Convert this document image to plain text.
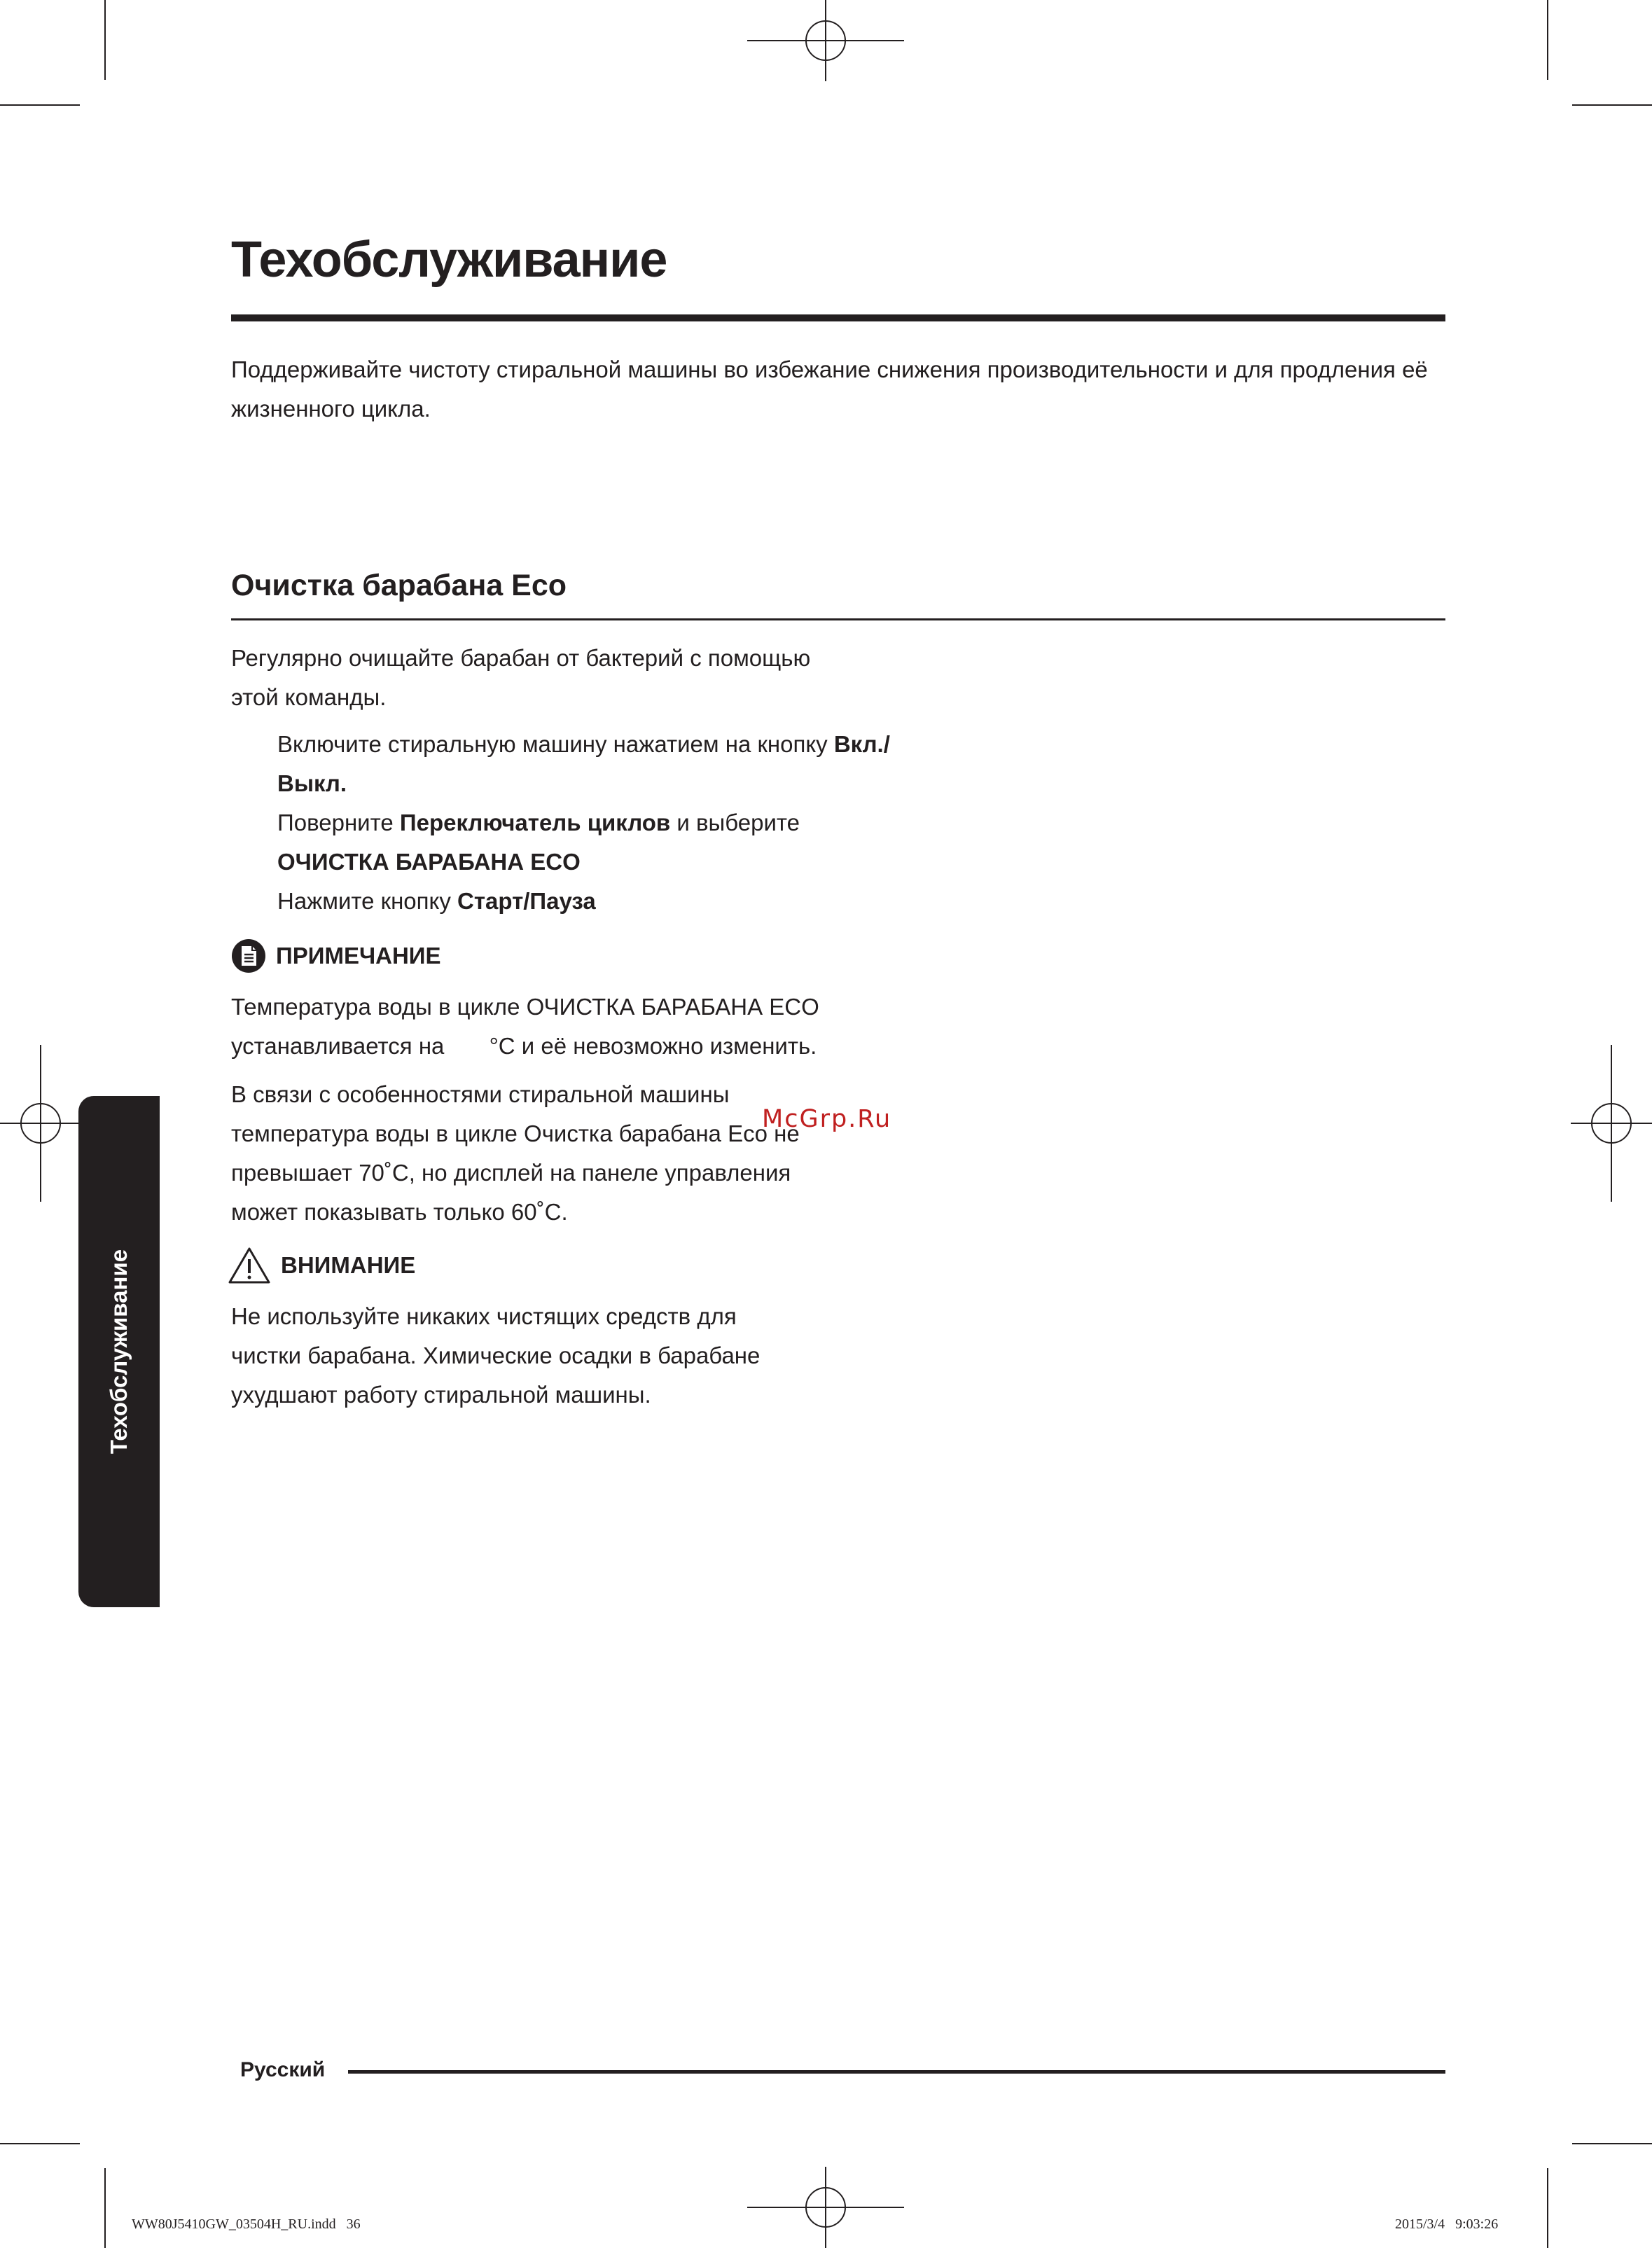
Техобслуживание
Поддерживайте чистоту стиральной машины во избежание снижения производительности и для продления её жизненного цикла.
Очистка барабана Eco
Регулярно очищайте барабан от бактерий с помощью этой команды.
Включите стиральную машину нажатием на кнопку Вкл./Выкл.
Поверните Переключатель циклов и выберите
ОЧИСТКА БАРАБАНА ECO
Нажмите кнопку Старт/Пауза
ПРИМЕЧАНИЕ
Температура воды в цикле ОЧИСТКА БАРАБАНА ECO
устанавливается на       °C и её невозможно изменить.
В связи с особенностями стиральной машины температура воды в цикле Очистка барабана Eco не превышает 70˚C, но дисплей на панеле управления может показывать только 60˚C.
ВНИМАНИЕ
Не используйте никаких чистящих средств для чистки барабана. Химические осадки в барабане ухудшают работу стиральной машины.
McGrp.Ru
Техобслуживание
Русский
WW80J5410GW_03504H_RU.indd   36	2015/3/4   9:03:26
